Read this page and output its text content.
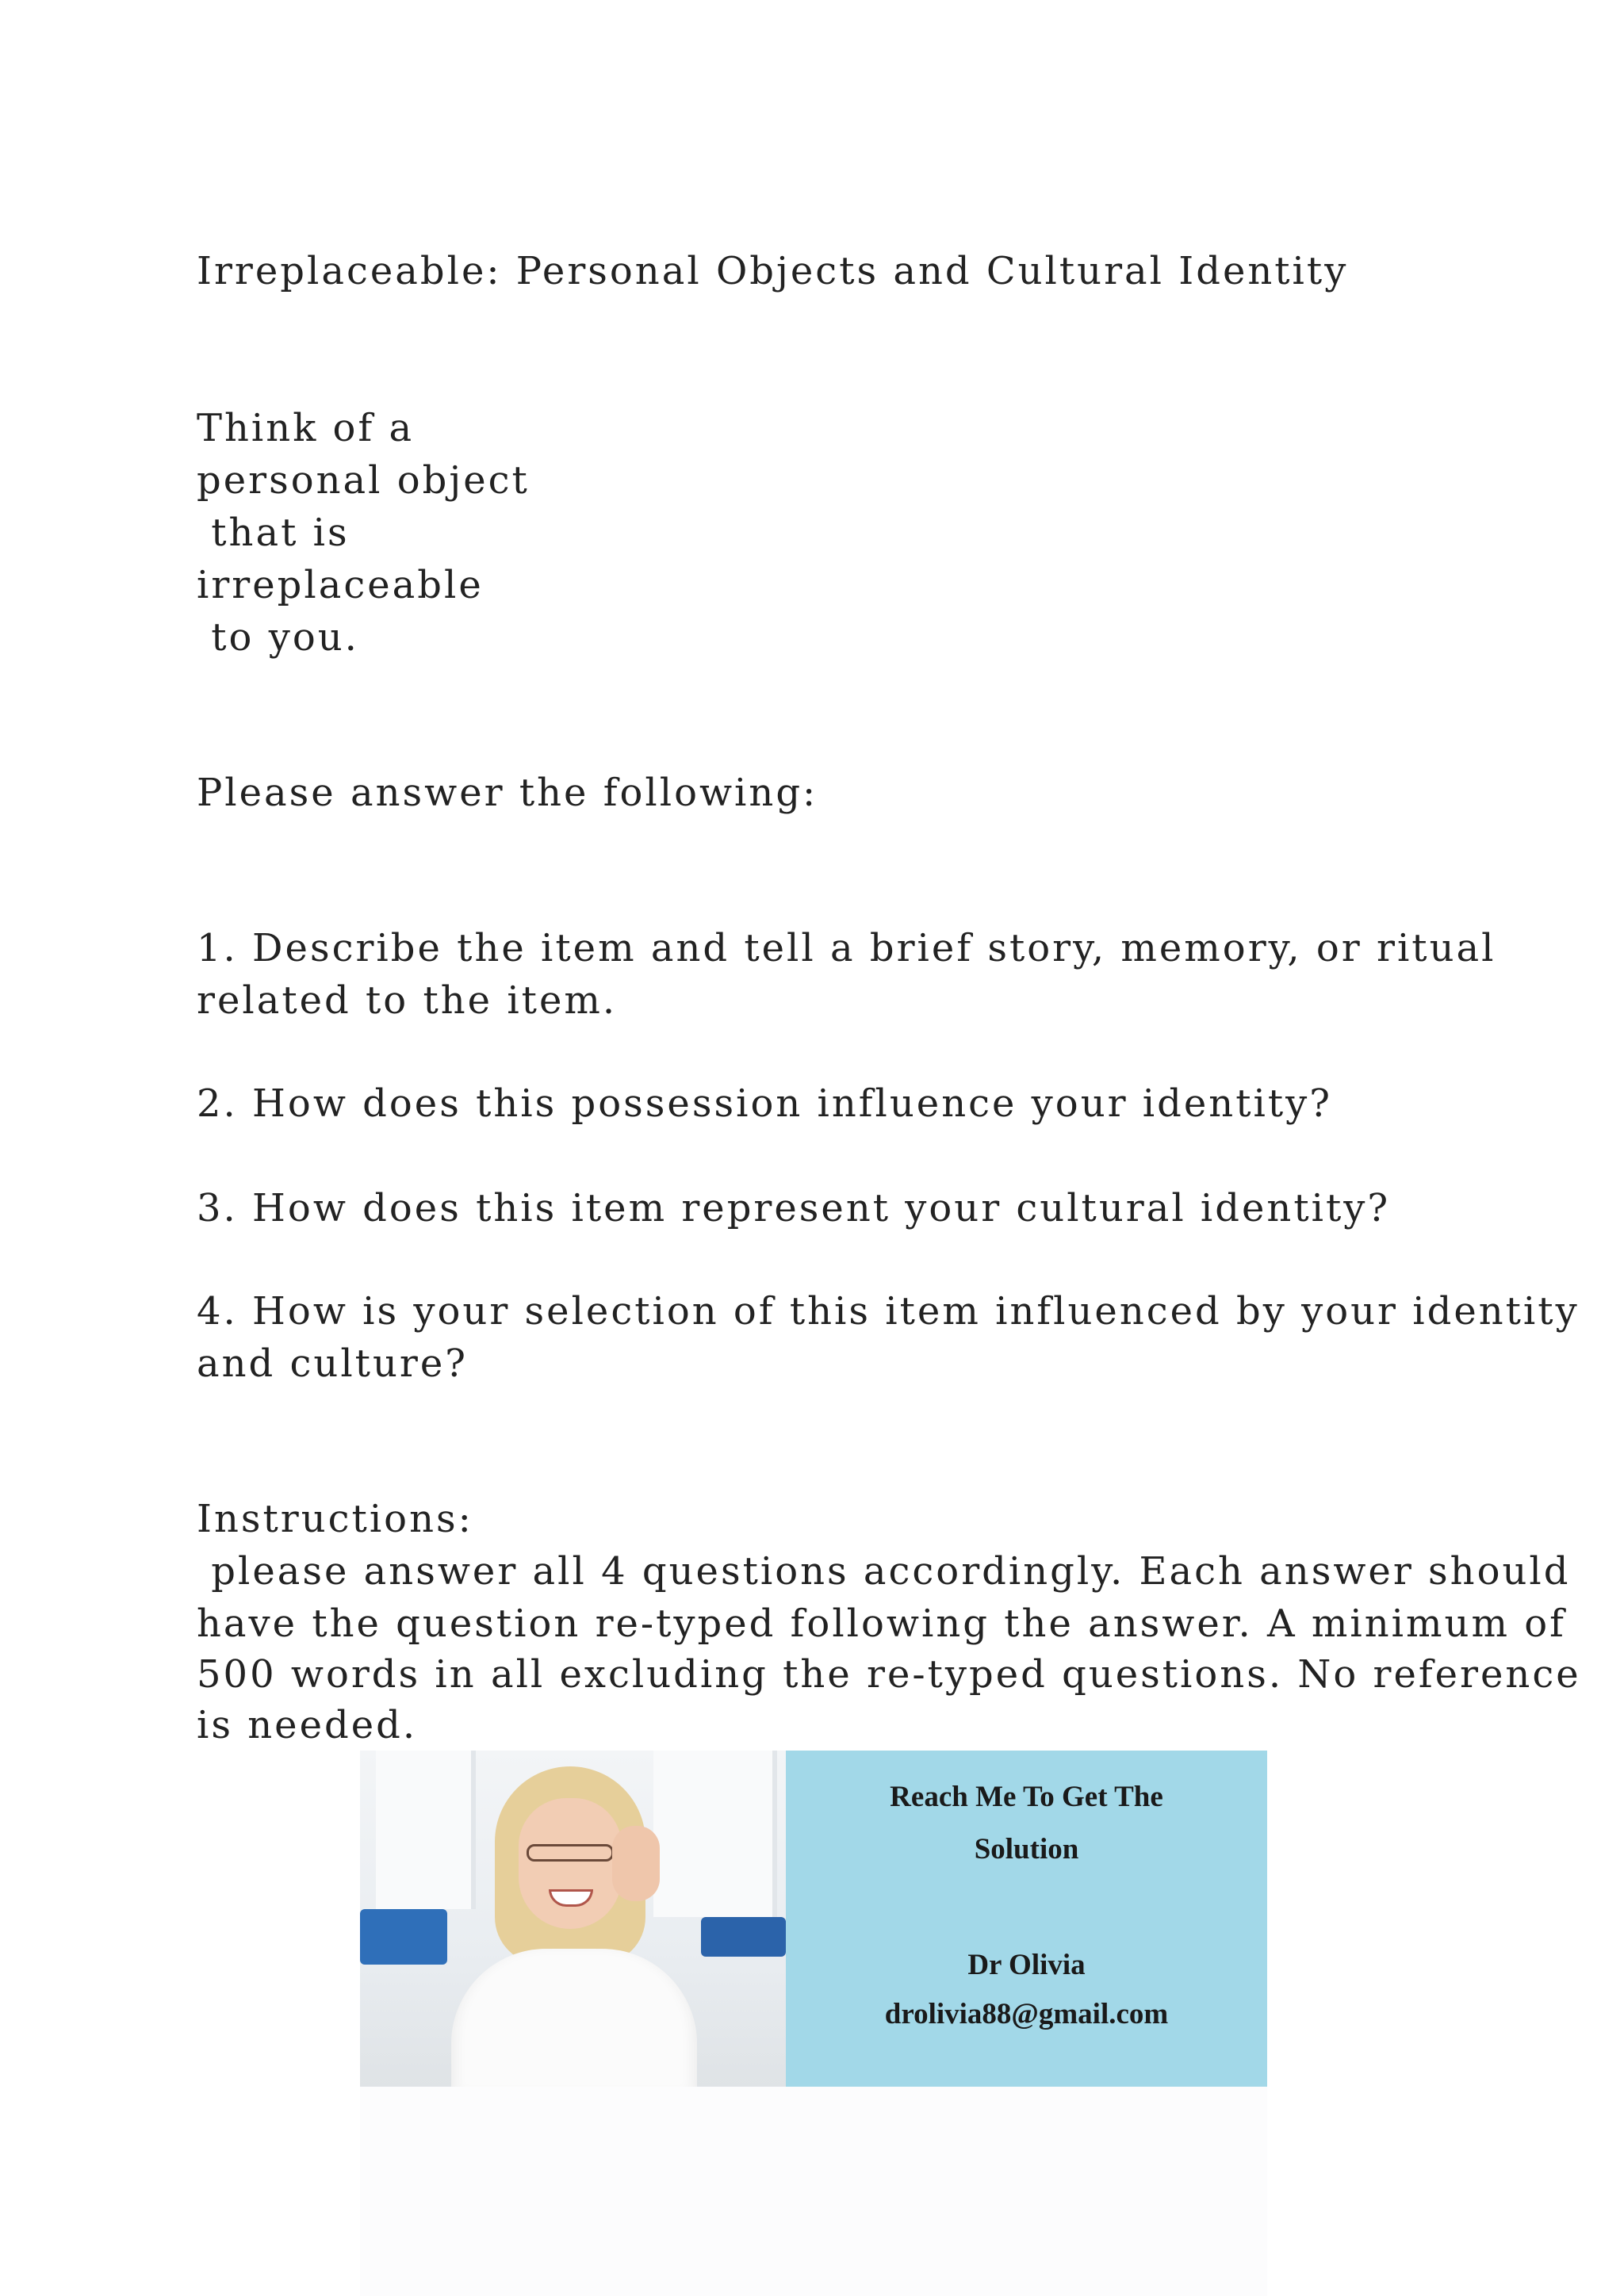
Irreplaceable: Personal Objects and Cultural Identity
Think of a
personal object
that is
irreplaceable
to you.
Please answer the following:
1. Describe the item and tell a brief story, memory, or ritual
related to the item.
2. How does this possession influence your identity?
3. How does this item represent your cultural identity?
4. How is your selection of this item influenced by your identity
and culture?
Instructions:
please answer all 4 questions accordingly. Each answer should
have the question re-typed following the answer. A minimum of
500 words in all excluding the re-typed questions. No reference
is needed.
Reach Me To Get The
Solution
Dr Olivia
drolivia88@gmail.com
